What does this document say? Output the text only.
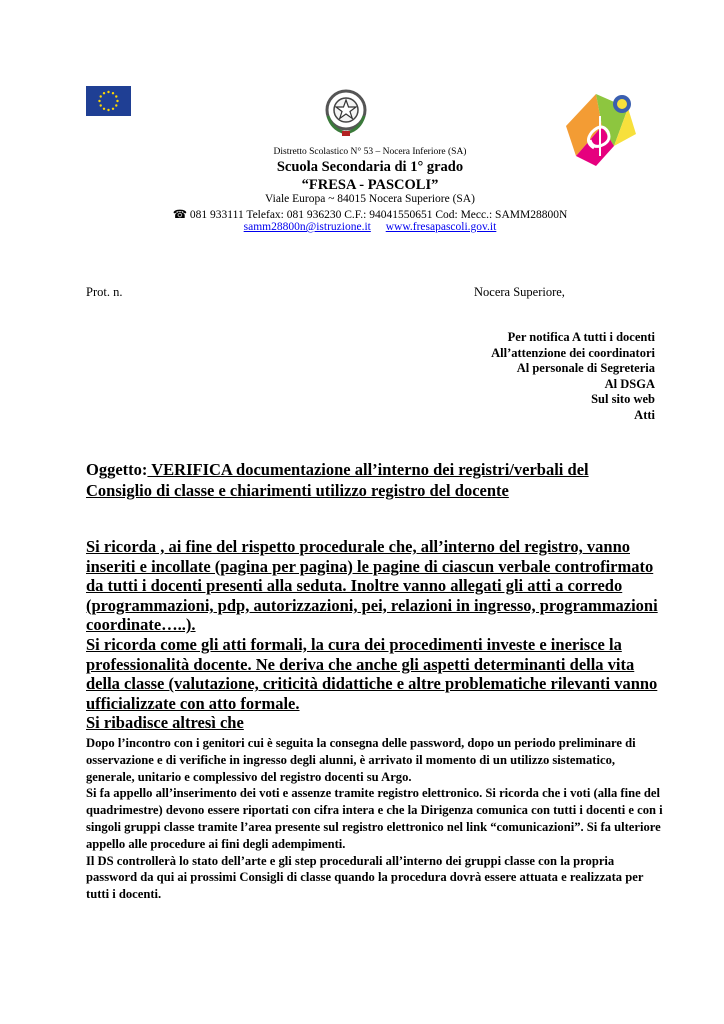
Distretto Scolastico N° 53 – Nocera Inferiore (SA)
Scuola Secondaria di 1° grado
“FRESA - PASCOLI”
Viale Europa ~ 84015 Nocera Superiore (SA)
☎ 081 933111 Telefax: 081 936230 C.F.: 94041550651 Cod: Mecc.: SAMM28800N
samm28800n@istruzione.it www.fresapascoli.gov.it
Prot. n.	Nocera Superiore,
Per notifica A tutti i docenti
All’attenzione dei coordinatori
Al personale di Segreteria
Al DSGA
Sul sito web
Atti
Oggetto: VERIFICA documentazione all’interno dei registri/verbali del Consiglio di classe e chiarimenti utilizzo registro del docente

Si ricorda , ai fine del rispetto procedurale che, all’interno del registro, vanno inseriti e incollate (pagina per pagina) le pagine di ciascun verbale controfirmato da tutti i docenti presenti alla seduta. Inoltre vanno allegati gli atti a corredo (programmazioni, pdp, autorizzazioni, pei, relazioni in ingresso, programmazioni coordinate…..).

Si ricorda come gli atti formali, la cura dei procedimenti investe e inerisce la professionalità docente. Ne deriva che anche gli aspetti determinanti della vita della classe (valutazione, criticità didattiche e altre problematiche rilevanti vanno ufficializzate con atto formale.

Si ribadisce altresì che

Dopo l’incontro con i genitori cui è seguita la consegna delle password, dopo un periodo preliminare di osservazione e di verifiche in ingresso degli alunni, è arrivato il momento di un utilizzo sistematico, generale, unitario e complessivo del registro docenti su Argo.

Si fa appello all’inserimento dei voti e assenze tramite registro elettronico. Si ricorda che i voti (alla fine del quadrimestre) devono essere riportati con cifra intera e che la Dirigenza comunica con tutti i docenti e con i singoli gruppi classe tramite l’area presente sul registro elettronico nel link “comunicazioni”. Si fa ulteriore appello alle procedure ai fini degli adempimenti.

Il DS controllerà lo stato dell’arte e gli step procedurali all’interno dei gruppi classe con la propria password da qui ai prossimi Consigli di classe quando la procedura dovrà essere attuata e realizzata per tutti i docenti.
